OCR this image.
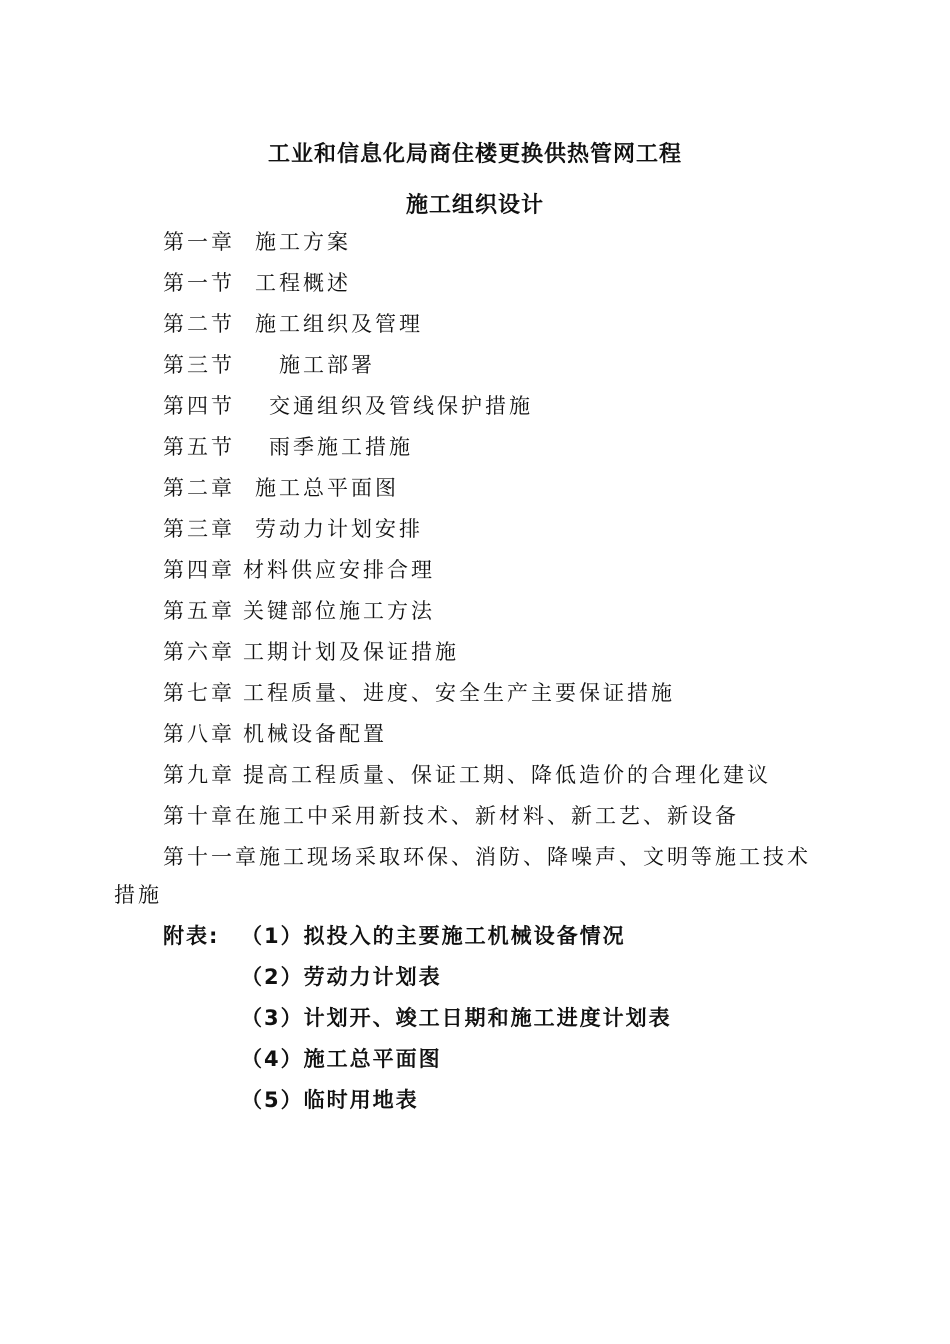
工业和信息化局商住楼更换供热管网工程
施工组织设计
第一章 施工方案
第一节 工程概述
第二节 施工组织及管理
第三节 施工部署
第四节 交通组织及管线保护措施
第五节 雨季施工措施
第二章 施工总平面图
第三章 劳动力计划安排
第四章 材料供应安排合理
第五章 关键部位施工方法
第六章 工期计划及保证措施
第七章 工程质量、进度、安全生产主要保证措施
第八章 机械设备配置
第九章 提高工程质量、保证工期、降低造价的合理化建议
第十章在施工中采用新技术、新材料、新工艺、新设备
第十一章施工现场采取环保、消防、降噪声、文明等施工技术
措施
附表: （1）拟投入的主要施工机械设备情况
（2）劳动力计划表
（3）计划开、竣工日期和施工进度计划表
（4）施工总平面图
（5）临时用地表
